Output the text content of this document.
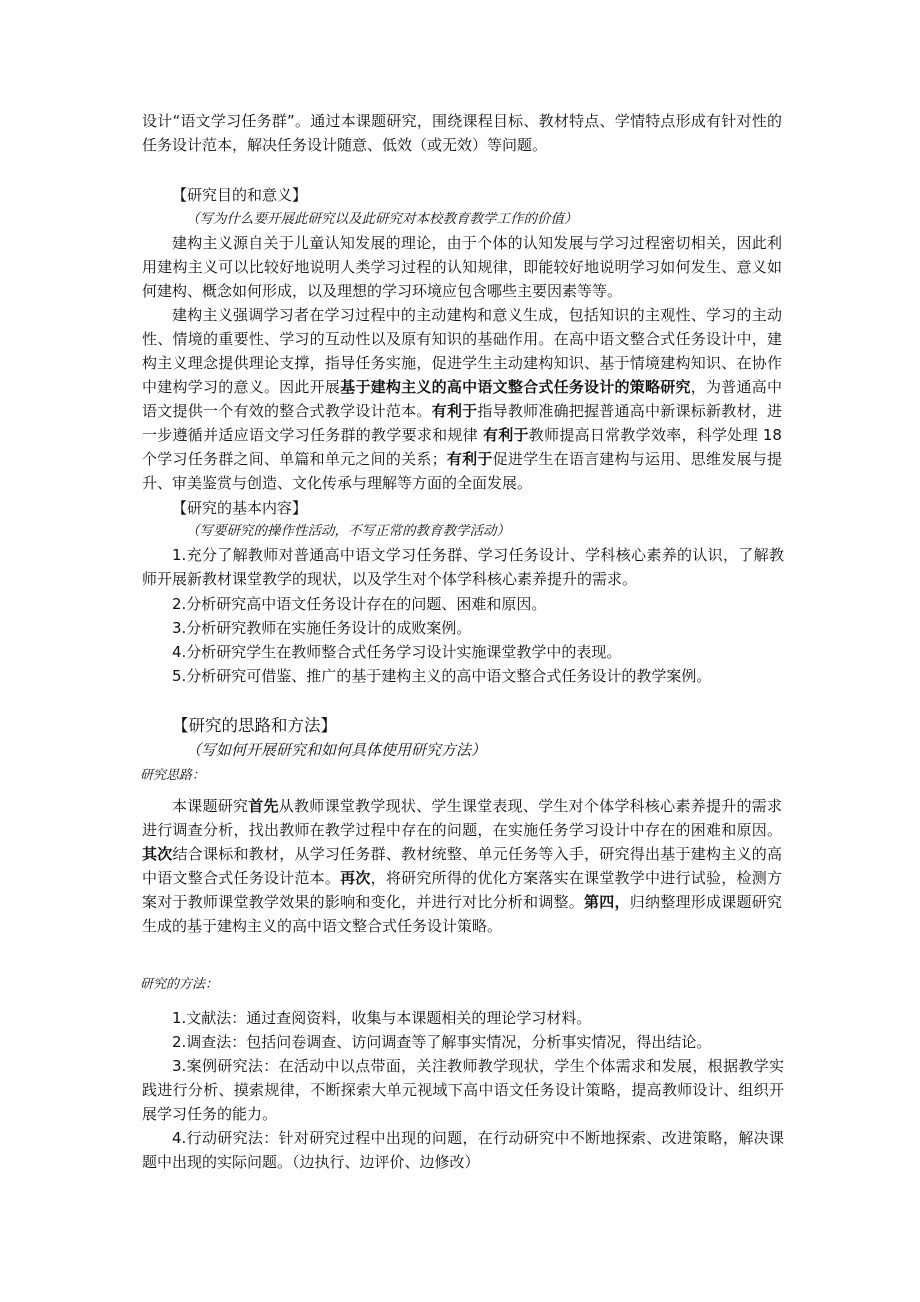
设计“语文学习任务群”。通过本课题研究，围绕课程目标、教材特点、学情特点形成有针对性的任务设计范本，解决任务设计随意、低效（或无效）等问题。

【研究目的和意义】

（写为什么要开展此研究以及此研究对本校教育教学工作的价值）

建构主义源自关于儿童认知发展的理论，由于个体的认知发展与学习过程密切相关，因此利用建构主义可以比较好地说明人类学习过程的认知规律，即能较好地说明学习如何发生、意义如何建构、概念如何形成，以及理想的学习环境应包含哪些主要因素等等。

建构主义强调学习者在学习过程中的主动建构和意义生成，包括知识的主观性、学习的主动性、情境的重要性、学习的互动性以及原有知识的基础作用。在高中语文整合式任务设计中，建构主义理念提供理论支撑，指导任务实施，促进学生主动建构知识、基于情境建构知识、在协作中建构学习的意义。因此开展基于建构主义的高中语文整合式任务设计的策略研究，为普通高中语文提供一个有效的整合式教学设计范本。有利于指导教师准确把握普通高中新课标新教材，进一步遵循并适应语文学习任务群的教学要求和规律 有利于教师提高日常教学效率，科学处理 18 个学习任务群之间、单篇和单元之间的关系；有利于促进学生在语言建构与运用、思维发展与提升、审美鉴赏与创造、文化传承与理解等方面的全面发展。

【研究的基本内容】

（写要研究的操作性活动，不写正常的教育教学活动）

1.充分了解教师对普通高中语文学习任务群、学习任务设计、学科核心素养的认识，了解教师开展新教材课堂教学的现状，以及学生对个体学科核心素养提升的需求。

2.分析研究高中语文任务设计存在的问题、困难和原因。

3.分析研究教师在实施任务设计的成败案例。

4.分析研究学生在教师整合式任务学习设计实施课堂教学中的表现。

5.分析研究可借鉴、推广的基于建构主义的高中语文整合式任务设计的教学案例。

【研究的思路和方法】

（写如何开展研究和如何具体使用研究方法）

研究思路：

本课题研究首先从教师课堂教学现状、学生课堂表现、学生对个体学科核心素养提升的需求进行调查分析，找出教师在教学过程中存在的问题，在实施任务学习设计中存在的困难和原因。其次结合课标和教材，从学习任务群、教材统整、单元任务等入手，研究得出基于建构主义的高中语文整合式任务设计范本。再次，将研究所得的优化方案落实在课堂教学中进行试验，检测方案对于教师课堂教学效果的影响和变化，并进行对比分析和调整。第四，归纳整理形成课题研究生成的基于建构主义的高中语文整合式任务设计策略。

研究的方法：

1.文献法：通过查阅资料，收集与本课题相关的理论学习材料。

2.调查法：包括问卷调查、访问调查等了解事实情况，分析事实情况，得出结论。

3.案例研究法：在活动中以点带面，关注教师教学现状，学生个体需求和发展，根据教学实践进行分析、摸索规律，不断探索大单元视域下高中语文任务设计策略，提高教师设计、组织开展学习任务的能力。

4.行动研究法：针对研究过程中出现的问题，在行动研究中不断地探索、改进策略，解决课题中出现的实际问题。（边执行、边评价、边修改）
